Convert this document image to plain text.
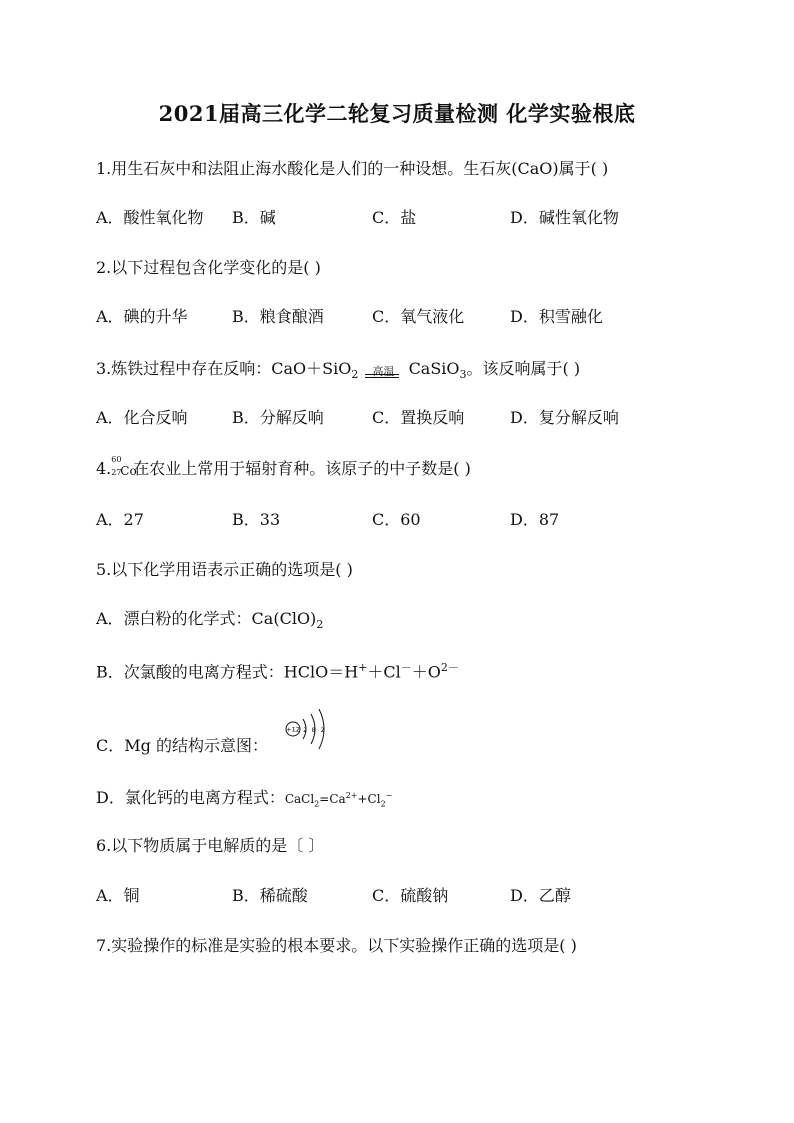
2021届高三化学二轮复习质量检测 化学实验根底
1.用生石灰中和法阻止海水酸化是人们的一种设想。生石灰(CaO)属于( )
A．酸性氧化物 B．碱	C．盐	D．碱性氧化物
2.以下过程包含化学变化的是( )
A．碘的升华	B．粮食酿酒	C．氧气液化	D．积雪融化
3.炼铁过程中存在反响：CaO＋SiO$_2$	高温 CaSiO$_3$。该反响属于( )
A．化合反响	B．分解反响	C．置换反响	D．复分解反响
4. 60
27
Co
在农业上常用于辐射育种。该原子的中子数是( )
A．27	B．33	C．60	D．87
5.以下化学用语表示正确的选项是( )
A．漂白粉的化学式：$Ca(ClO)_2$
B．次氯酸的电离方程式：$HClO=H^++Cl^-+O^{2-}$
C．Mg 的结构示意图：
+12 2 8 2
D．氯化钙的电离方程式：$CaCl_2=Ca^{2+}+Cl_2^-$
6.以下物质属于电解质的是〔 〕
A．铜	B．稀硫酸	C．硫酸钠	D．乙醇
7.实验操作的标准是实验的根本要求。以下实验操作正确的选项是( )
